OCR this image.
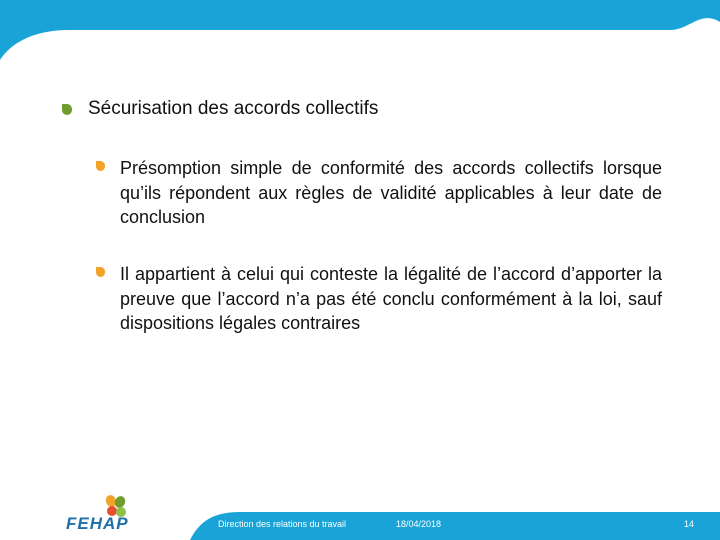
Sécurisation des accords collectifs
Présomption simple de conformité des accords collectifs lorsque qu’ils répondent aux règles de validité applicables à leur date de conclusion
Il appartient à celui qui conteste la légalité de l’accord d’apporter la preuve que l’accord n’a pas été conclu conformément à la loi, sauf dispositions légales contraires
FEHAP	Direction des relations du travail	18/04/2018	14
